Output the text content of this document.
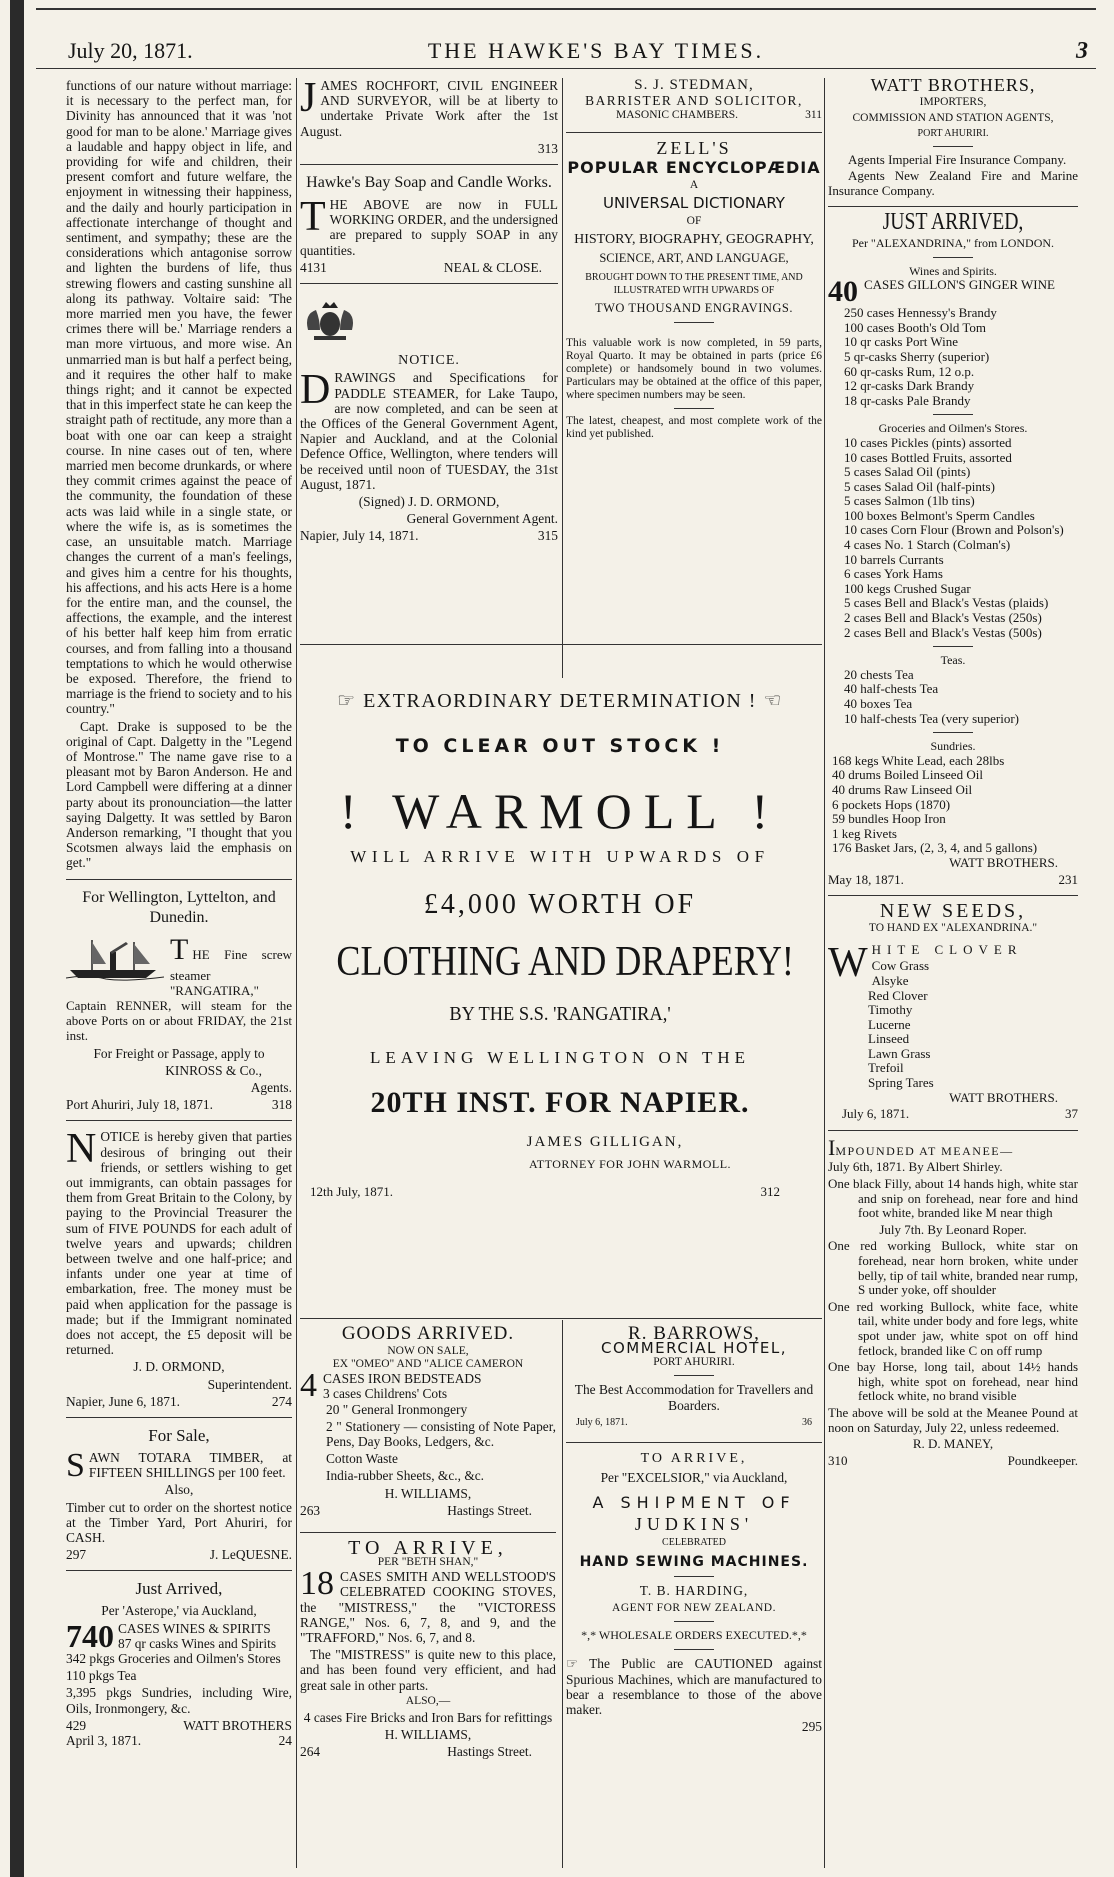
July 20, 1871.	THE HAWKE'S BAY TIMES.	3

functions of our nature without marriage: it is necessary to the perfect man, for Divinity has announced that it was 'not good for man to be alone.' Marriage gives a laudable and happy object in life, and providing for wife and children, their present comfort and future welfare, the enjoyment in witnessing their happiness, and the daily and hourly participation in affectionate interchange of thought and sentiment, and sympathy; these are the considerations which antagonise sorrow and lighten the burdens of life, thus strewing flowers and casting sunshine all along its pathway. Voltaire said: 'The more married men you have, the fewer crimes there will be.' Marriage renders a man more virtuous, and more wise. An unmarried man is but half a perfect being, and it requires the other half to make things right; and it cannot be expected that in this imperfect state he can keep the straight path of rectitude, any more than a boat with one oar can keep a straight course. In nine cases out of ten, where married men become drunkards, or where they commit crimes against the peace of the community, the foundation of these acts was laid while in a single state, or where the wife is, as is sometimes the case, an unsuitable match. Marriage changes the current of a man's feelings, and gives him a centre for his thoughts, his affections, and his acts Here is a home for the entire man, and the counsel, the affections, the example, and the interest of his better half keep him from erratic courses, and from falling into a thousand temptations to which he would otherwise be exposed. Therefore, the friend to marriage is the friend to society and to his country."

Capt. Drake is supposed to be the original of Capt. Dalgetty in the "Legend of Montrose." The name gave rise to a pleasant mot by Baron Anderson. He and Lord Campbell were differing at a dinner party about its pronounciation—the latter saying Dalgetty. It was settled by Baron Anderson remarking, "I thought that you Scotsmen always laid the emphasis on get."

For Wellington, Lyttelton, and Dunedin.

THE Fine screw steamer "RANGATIRA," Captain RENNER, will steam for the above Ports on or about FRIDAY, the 21st inst.

For Freight or Passage, apply to

KINROSS & Co.,

Agents.

Port Ahuriri, July 18, 1871.	318

NOTICE is hereby given that parties desirous of bringing out their friends, or settlers wishing to get out immigrants, can obtain passages for them from Great Britain to the Colony, by paying to the Provincial Treasurer the sum of FIVE POUNDS for each adult of twelve years and upwards; children between twelve and one half-price; and infants under one year at time of embarkation, free. The money must be paid when application for the passage is made; but if the Immigrant nominated does not accept, the £5 deposit will be returned.

J. D. ORMOND,

Superintendent.

Napier, June 6, 1871.	274
For Sale,

SAWN TOTARA TIMBER, at FIFTEEN SHILLINGS per 100 feet.

Also,

Timber cut to order on the shortest notice at the Timber Yard, Port Ahuriri, for CASH.

297	J. LeQUESNE.
Just Arrived,

Per 'Asterope,' via Auckland,

740 CASES WINES & SPIRITS
87 qr casks Wines and Spirits

342 pkgs Groceries and Oilmen's Stores

110 pkgs Tea

3,395 pkgs Sundries, including Wire, Oils, Ironmongery, &c.

429	WATT BROTHERS
April 3, 1871.	24

JAMES ROCHFORT, CIVIL ENGINEER AND SURVEYOR, will be at liberty to undertake Private Work after the 1st August.

313

Hawke's Bay Soap and Candle Works.

THE ABOVE are now in FULL WORKING ORDER, and the undersigned are prepared to supply SOAP in any quantities.

4131	NEAL & CLOSE.

NOTICE.

DRAWINGS and Specifications for PADDLE STEAMER, for Lake Taupo, are now completed, and can be seen at the Offices of the General Government Agent, Napier and Auckland, and at the Colonial Defence Office, Wellington, where tenders will be received until noon of TUESDAY, the 31st August, 1871.

(Signed) J. D. ORMOND,

General Government Agent.

Napier, July 14, 1871.	315
S. J. STEDMAN,
BARRISTER AND SOLICITOR,
MASONIC CHAMBERS.	311
ZELL'S
POPULAR ENCYCLOPÆDIA
A
UNIVERSAL DICTIONARY
OF
HISTORY, BIOGRAPHY, GEOGRAPHY,
SCIENCE, ART, AND LANGUAGE,
BROUGHT DOWN TO THE PRESENT TIME, AND ILLUSTRATED WITH UPWARDS OF
TWO THOUSAND ENGRAVINGS.

This valuable work is now completed, in 59 parts, Royal Quarto. It may be obtained in parts (price £6 complete) or handsomely bound in two volumes. Particulars may be obtained at the office of this paper, where specimen numbers may be seen.

The latest, cheapest, and most complete work of the kind yet published.

☞ EXTRAORDINARY DETERMINATION ! ☜
TO CLEAR OUT STOCK !
! WARMOLL !
WILL ARRIVE WITH UPWARDS OF
£4,000 WORTH OF
CLOTHING AND DRAPERY!
BY THE S.S. 'RANGATIRA,'
LEAVING WELLINGTON ON THE
20TH INST. FOR NAPIER.
JAMES GILLIGAN,
ATTORNEY FOR JOHN WARMOLL.
12th July, 1871.	312
GOODS ARRIVED.
NOW ON SALE,
EX "OMEO" AND "ALICE CAMERON
4 CASES IRON BEDSTEADS
3 cases Childrens' Cots

20 " General Ironmongery

2 " Stationery — consisting of Note Paper, Pens, Day Books, Ledgers, &c.

Cotton Waste

India-rubber Sheets, &c., &c.

H. WILLIAMS,

263	Hastings Street.
TO ARRIVE,
PER "BETH SHAN,"

18 CASES SMITH AND WELLSTOOD'S CELEBRATED COOKING STOVES, the "MISTRESS," the "VICTORESS RANGE," Nos. 6, 7, 8, and 9, and the "TRAFFORD," Nos. 6, 7, and 8.

The "MISTRESS" is quite new to this place, and has been found very efficient, and had great sale in other parts.

ALSO,—

4 cases Fire Bricks and Iron Bars for refittings

H. WILLIAMS,

264	Hastings Street.
R. BARROWS,
COMMERCIAL HOTEL,
PORT AHURIRI.

The Best Accommodation for Travellers and Boarders.

July 6, 1871.	36
TO ARRIVE,
Per "EXCELSIOR," via Auckland,
A SHIPMENT OF
JUDKINS'
CELEBRATED
HAND SEWING MACHINES.
T. B. HARDING,
AGENT FOR NEW ZEALAND.
*,* WHOLESALE ORDERS EXECUTED.*,*

☞ The Public are CAUTIONED against Spurious Machines, which are manufactured to bear a resemblance to those of the above maker.

295

WATT BROTHERS,
IMPORTERS,
COMMISSION AND STATION AGENTS,
PORT AHURIRI.

Agents Imperial Fire Insurance Company.

Agents New Zealand Fire and Marine Insurance Company.

JUST ARRIVED,
Per "ALEXANDRINA," from LONDON.
Wines and Spirits.
40 CASES GILLON'S GINGER WINE
250 cases Hennessy's Brandy
100 cases Booth's Old Tom
10 qr casks Port Wine
5 qr-casks Sherry (superior)
60 qr-casks Rum, 12 o.p.
12 qr-casks Dark Brandy
18 qr-casks Pale Brandy
Groceries and Oilmen's Stores.
10 cases Pickles (pints) assorted
10 cases Bottled Fruits, assorted
5 cases Salad Oil (pints)
5 cases Salad Oil (half-pints)
5 cases Salmon (1lb tins)
100 boxes Belmont's Sperm Candles
10 cases Corn Flour (Brown and Polson's)
4 cases No. 1 Starch (Colman's)
10 barrels Currants
6 cases York Hams
100 kegs Crushed Sugar
5 cases Bell and Black's Vestas (plaids)
2 cases Bell and Black's Vestas (250s)
2 cases Bell and Black's Vestas (500s)
Teas.
20 chests Tea
40 half-chests Tea
40 boxes Tea
10 half-chests Tea (very superior)
Sundries.
168 kegs White Lead, each 28lbs
40 drums Boiled Linseed Oil
40 drums Raw Linseed Oil
6 pockets Hops (1870)
59 bundles Hoop Iron
1 keg Rivets
176 Basket Jars, (2, 3, 4, and 5 gallons)

WATT BROTHERS.

May 18, 1871.	231
NEW SEEDS,
TO HAND EX "ALEXANDRINA."

WHITE CLOVER

Cow Grass
Alsyke
Red Clover
Timothy
Lucerne
Linseed
Lawn Grass
Trefoil
Spring Tares

WATT BROTHERS.

July 6, 1871.	37

IMPOUNDED AT MEANEE—

July 6th, 1871. By Albert Shirley.

One black Filly, about 14 hands high, white star and snip on forehead, near fore and hind foot white, branded like M near thigh

July 7th. By Leonard Roper.

One red working Bullock, white star on forehead, near horn broken, white under belly, tip of tail white, branded near rump, S under yoke, off shoulder

One red working Bullock, white face, white tail, white under body and fore legs, white spot under jaw, white spot on off hind fetlock, branded like C on off rump

One bay Horse, long tail, about 14½ hands high, white spot on forehead, near hind fetlock white, no brand visible

The above will be sold at the Meanee Pound at noon on Saturday, July 22, unless redeemed.

R. D. MANEY,

310	Poundkeeper.
